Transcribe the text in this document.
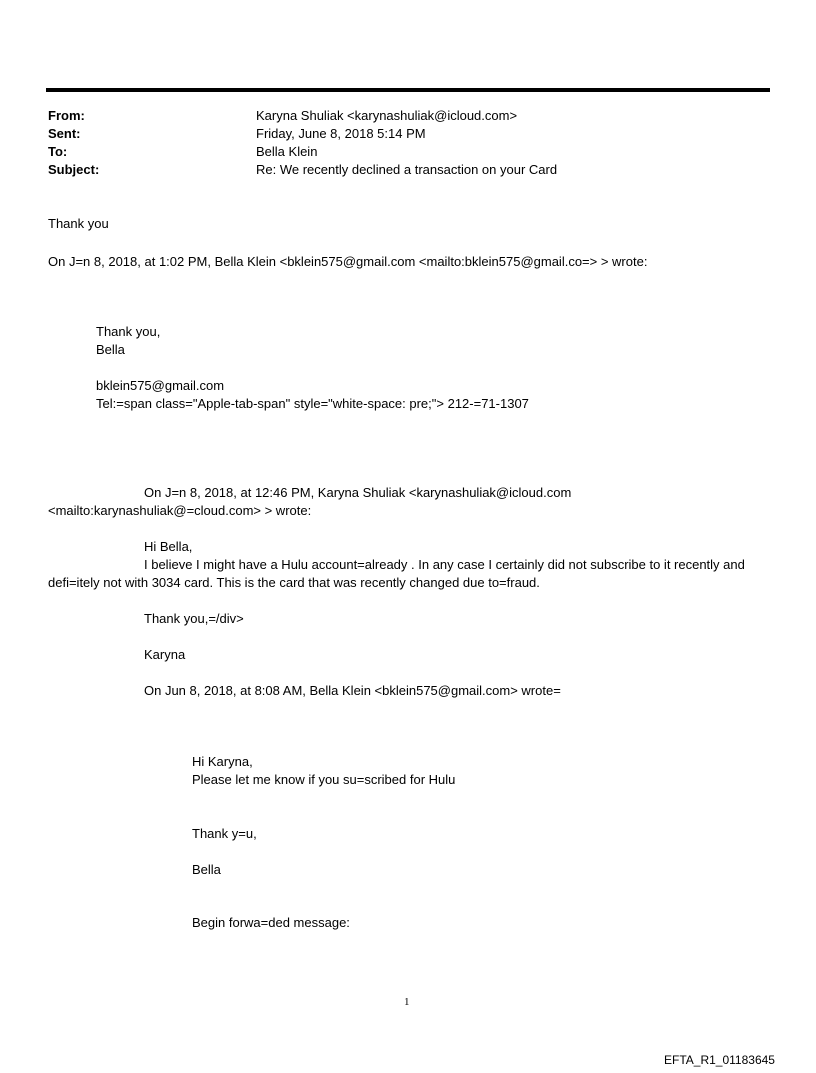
From:	Karyna Shuliak <karynashuliak@icloud.com>
Sent:	Friday, June 8, 2018 5:14 PM
To:	Bella Klein
Subject:	Re: We recently declined a transaction on your Card
Thank you
On J=n 8, 2018, at 1:02 PM, Bella Klein <bklein575@gmail.com <mailto:bklein575@gmail.co=> > wrote:
Thank you,
Bella
bklein575@gmail.com
Tel:=span class="Apple-tab-span" style="white-space: pre;"> 212-=71-1307
On J=n 8, 2018, at 12:46 PM, Karyna Shuliak <karynashuliak@icloud.com
<mailto:karynashuliak@=cloud.com> > wrote:
Hi Bella,
I believe I might have a Hulu account=already . In any case I certainly did not subscribe to it recently and
defi=itely not with 3034 card. This is the card that was recently changed due to=fraud.
Thank you,=/div>
Karyna
On Jun 8, 2018, at 8:08 AM, Bella Klein <bklein575@gmail.com> wrote=
Hi Karyna,
Please let me know if you su=scribed for Hulu
Thank y=u,
Bella
Begin forwa=ded message:
1
EFTA_R1_01183645
